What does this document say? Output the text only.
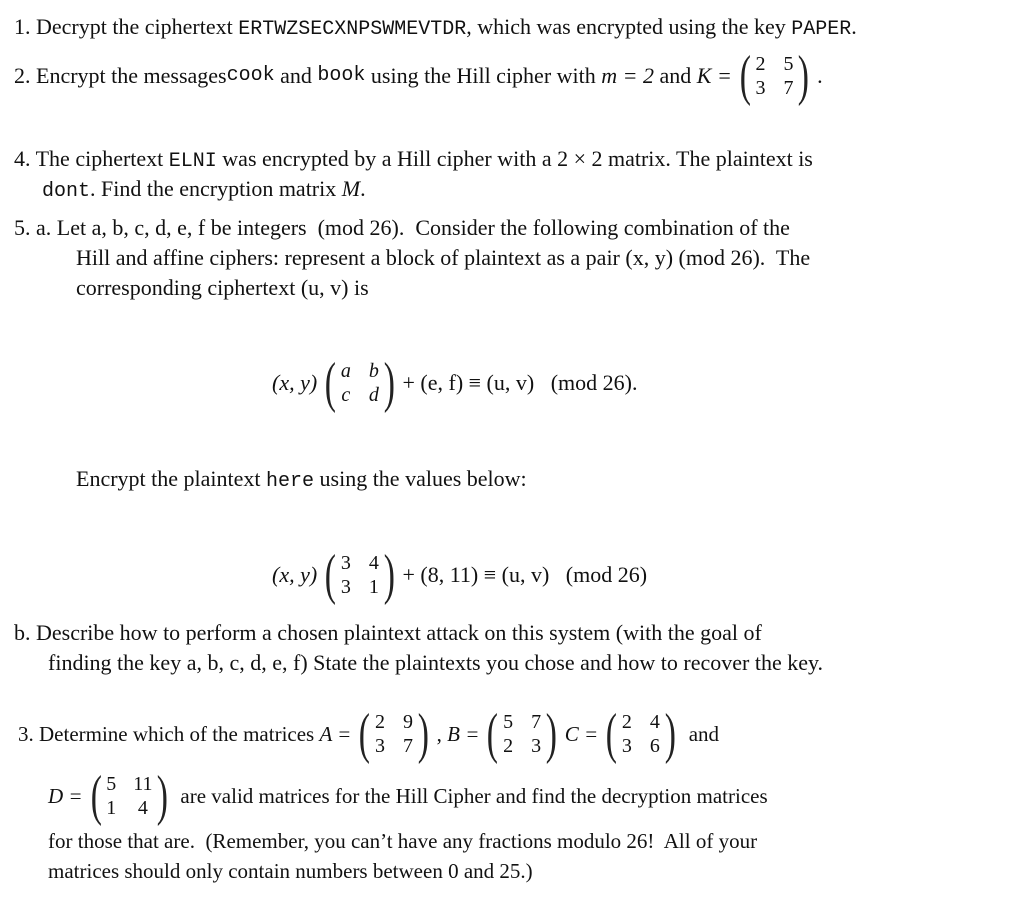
1. Decrypt the ciphertext ERTWZSECXNPSWMEVTDR, which was encrypted using the key PAPER.
2.
Encrypt the messages cook and book using the Hill cipher with m = 2 and K = ( 2 5
3 7 ) .
4. The ciphertext ELNI was encrypted by a Hill cipher with a 2 × 2 matrix. The plaintext is
dont. Find the encryption matrix M.
5. a. Let a, b, c, d, e, f be integers  (mod 26).  Consider the following combination of the
Hill and affine ciphers: represent a block of plaintext as a pair (x, y) (mod 26).  The
corresponding ciphertext (u, v) is
(x, y) ( a b
c d ) + (e, f) ≡ (u, v)   (mod 26).
Encrypt the plaintext here using the values below:
(x, y) ( 3 4
3 1 ) + (8, 11) ≡ (u, v)   (mod 26)
b. Describe how to perform a chosen plaintext attack on this system (with the goal of
finding the key a, b, c, d, e, f) State the plaintexts you chose and how to recover the key.
3.
Determine which of the matrices A = ( 2 9
3 7 ) ,
B = ( 5 7
2 3 ) C = ( 2 4
3 6 )
and
D = ( 5 11
1 4 )
are valid matrices for the Hill Cipher and find the decryption matrices
for those that are.  (Remember, you can’t have any fractions modulo 26!  All of your
matrices should only contain numbers between 0 and 25.)
